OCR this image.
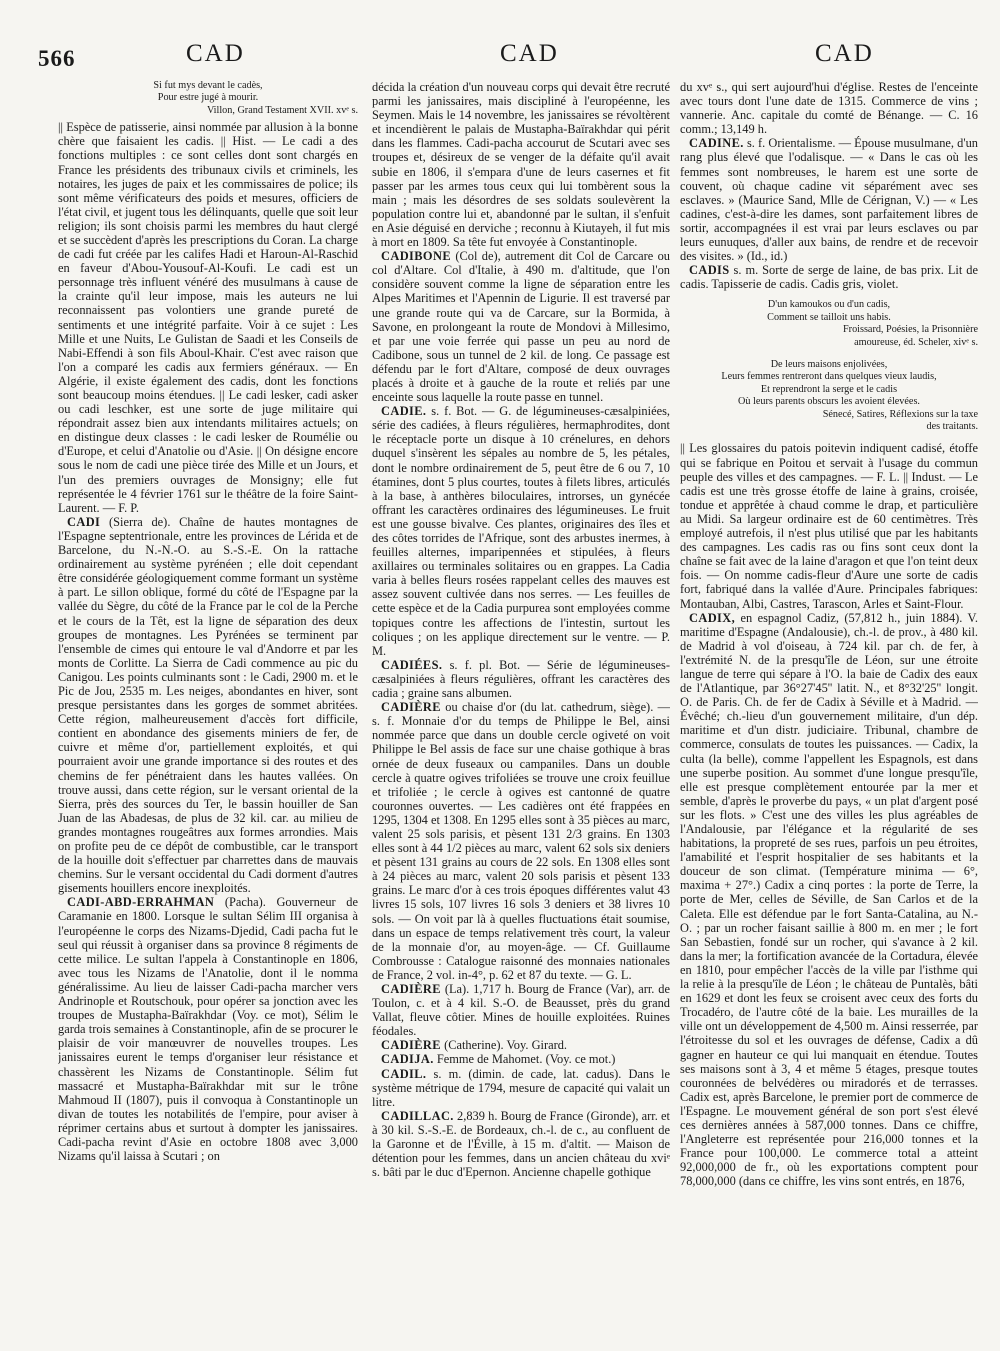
566	CAD	CAD	CAD
Si fut mys devant le cadès,
Pour estre jugé à mourir.
Villon, Grand Testament XVII. xvᵉ s.

|| Espèce de patisserie, ainsi nommée par allusion à la bonne chère que faisaient les cadis. || Hist. — Le cadi a des fonctions multiples : ce sont celles dont sont chargés en France les présidents des tribunaux civils et criminels, les notaires, les juges de paix et les commissaires de police; ils sont même vérificateurs des poids et mesures, officiers de l'état civil, et jugent tous les délinquants, quelle que soit leur religion; ils sont choisis parmi les membres du haut clergé et se succèdent d'après les prescriptions du Coran. La charge de cadi fut créée par les califes Hadi et Haroun-Al-Raschid en faveur d'Abou-Yousouf-Al-Koufi. Le cadi est un personnage très influent vénéré des musulmans à cause de la crainte qu'il leur impose, mais les auteurs ne lui reconnaissent pas volontiers une grande pureté de sentiments et une intégrité parfaite. Voir à ce sujet : Les Mille et une Nuits, Le Gulistan de Saadi et les Conseils de Nabi-Effendi à son fils Aboul-Khair. C'est avec raison que l'on a comparé les cadis aux fermiers généraux. — En Algérie, il existe également des cadis, dont les fonctions sont beaucoup moins étendues. || Le cadi lesker, cadi asker ou cadi leschker, est une sorte de juge militaire qui répondrait assez bien aux intendants militaires actuels; on en distingue deux classes : le cadi lesker de Roumélie ou d'Europe, et celui d'Anatolie ou d'Asie. || On désigne encore sous le nom de cadi une pièce tirée des Mille et un Jours, et l'un des premiers ouvrages de Monsigny; elle fut représentée le 4 février 1761 sur le théâtre de la foire Saint-Laurent. — F. P.

CADI (Sierra de). Chaîne de hautes montagnes de l'Espagne septentrionale, entre les provinces de Lérida et de Barcelone, du N.-N.-O. au S.-S.-E. On la rattache ordinairement au système pyrénéen ; elle doit cependant être considérée géologiquement comme formant un système à part. Le sillon oblique, formé du côté de l'Espagne par la vallée du Sègre, du côté de la France par le col de la Perche et le cours de la Têt, est la ligne de séparation des deux groupes de montagnes. Les Pyrénées se terminent par l'ensemble de cimes qui entoure le val d'Andorre et par les monts de Corlitte. La Sierra de Cadi commence au pic du Canigou. Les points culminants sont : le Cadi, 2900 m. et le Pic de Jou, 2535 m. Les neiges, abondantes en hiver, sont presque persistantes dans les gorges de sommet abritées. Cette région, malheureusement d'accès fort difficile, contient en abondance des gisements miniers de fer, de cuivre et même d'or, partiellement exploités, et qui pourraient avoir une grande importance si des routes et des chemins de fer pénétraient dans les hautes vallées. On trouve aussi, dans cette région, sur le versant oriental de la Sierra, près des sources du Ter, le bassin houiller de San Juan de las Abadesas, de plus de 32 kil. car. au milieu de grandes montagnes rougeâtres aux formes arrondies. Mais on profite peu de ce dépôt de combustible, car le transport de la houille doit s'effectuer par charrettes dans de mauvais chemins. Sur le versant occidental du Cadi dorment d'autres gisements houillers encore inexploités.

CADI-ABD-ERRAHMAN (Pacha). Gouverneur de Caramanie en 1800. Lorsque le sultan Sélim III organisa à l'européenne le corps des Nizams-Djedid, Cadi pacha fut le seul qui réussit à organiser dans sa province 8 régiments de cette milice. Le sultan l'appela à Constantinople en 1806, avec tous les Nizams de l'Anatolie, dont il le nomma généralissime. Au lieu de laisser Cadi-pacha marcher vers Andrinople et Routschouk, pour opérer sa jonction avec les troupes de Mustapha-Baïrakhdar (Voy. ce mot), Sélim le garda trois semaines à Constantinople, afin de se procurer le plaisir de voir manœuvrer de nouvelles troupes. Les janissaires eurent le temps d'organiser leur résistance et chassèrent les Nizams de Constantinople. Sélim fut massacré et Mustapha-Baïrakhdar mit sur le trône Mahmoud II (1807), puis il convoqua à Constantinople un divan de toutes les notabilités de l'empire, pour aviser à réprimer certains abus et surtout à dompter les janissaires. Cadi-pacha revint d'Asie en octobre 1808 avec 3,000 Nizams qu'il laissa à Scutari ; on

décida la création d'un nouveau corps qui devait être recruté parmi les janissaires, mais discipliné à l'européenne, les Seymen. Mais le 14 novembre, les janissaires se révoltèrent et incendièrent le palais de Mustapha-Baïrakhdar qui périt dans les flammes. Cadi-pacha accourut de Scutari avec ses troupes et, désireux de se venger de la défaite qu'il avait subie en 1806, il s'empara d'une de leurs casernes et fit passer par les armes tous ceux qui lui tombèrent sous la main ; mais les désordres de ses soldats soulevèrent la population contre lui et, abandonné par le sultan, il s'enfuit en Asie déguisé en derviche ; reconnu à Kiutayeh, il fut mis à mort en 1809. Sa tête fut envoyée à Constantinople.

CADIBONE (Col de), autrement dit Col de Carcare ou col d'Altare. Col d'Italie, à 490 m. d'altitude, que l'on considère souvent comme la ligne de séparation entre les Alpes Maritimes et l'Apennin de Ligurie. Il est traversé par une grande route qui va de Carcare, sur la Bormida, à Savone, en prolongeant la route de Mondovi à Millesimo, et par une voie ferrée qui passe un peu au nord de Cadibone, sous un tunnel de 2 kil. de long. Ce passage est défendu par le fort d'Altare, composé de deux ouvrages placés à droite et à gauche de la route et reliés par une enceinte sous laquelle la route passe en tunnel.

CADIE. s. f. Bot. — G. de légumineuses-cæsalpiniées, série des cadiées, à fleurs régulières, hermaphrodites, dont le réceptacle porte un disque à 10 crénelures, en dehors duquel s'insèrent les sépales au nombre de 5, les pétales, dont le nombre ordinairement de 5, peut être de 6 ou 7, 10 étamines, dont 5 plus courtes, toutes à filets libres, articulés à la base, à anthères biloculaires, introrses, un gynécée offrant les caractères ordinaires des légumineuses. Le fruit est une gousse bivalve. Ces plantes, originaires des îles et des côtes torrides de l'Afrique, sont des arbustes inermes, à feuilles alternes, imparipennées et stipulées, à fleurs axillaires ou terminales solitaires ou en grappes. La Cadia varia à belles fleurs rosées rappelant celles des mauves est assez souvent cultivée dans nos serres. — Les feuilles de cette espèce et de la Cadia purpurea sont employées comme topiques contre les affections de l'intestin, surtout les coliques ; on les applique directement sur le ventre. — P. M.

CADIÉES. s. f. pl. Bot. — Série de légumineuses-cæsalpiniées à fleurs régulières, offrant les caractères des cadia ; graine sans albumen.

CADIÈRE ou chaise d'or (du lat. cathedrum, siège). — s. f. Monnaie d'or du temps de Philippe le Bel, ainsi nommée parce que dans un double cercle ogiveté on voit Philippe le Bel assis de face sur une chaise gothique à bras ornée de deux fuseaux ou campaniles. Dans un double cercle à quatre ogives trifoliées se trouve une croix feuillue et trifoliée ; le cercle à ogives est cantonné de quatre couronnes ouvertes. — Les cadières ont été frappées en 1295, 1304 et 1308. En 1295 elles sont à 35 pièces au marc, valent 25 sols parisis, et pèsent 131 2/3 grains. En 1303 elles sont à 44 1/2 pièces au marc, valent 62 sols six deniers et pèsent 131 grains au cours de 22 sols. En 1308 elles sont à 24 pièces au marc, valent 20 sols parisis et pèsent 133 grains. Le marc d'or à ces trois époques différentes valut 43 livres 15 sols, 107 livres 16 sols 3 deniers et 38 livres 10 sols. — On voit par là à quelles fluctuations était soumise, dans un espace de temps relativement très court, la valeur de la monnaie d'or, au moyen-âge. — Cf. Guillaume Combrousse : Catalogue raisonné des monnaies nationales de France, 2 vol. in-4°, p. 62 et 87 du texte. — G. L.

CADIÈRE (La). 1,717 h. Bourg de France (Var), arr. de Toulon, c. et à 4 kil. S.-O. de Beausset, près du grand Vallat, fleuve côtier. Mines de houille exploitées. Ruines féodales.

CADIÈRE (Catherine). Voy. Girard.

CADIJA. Femme de Mahomet. (Voy. ce mot.)

CADIL. s. m. (dimin. de cade, lat. cadus). Dans le système métrique de 1794, mesure de capacité qui valait un litre.

CADILLAC. 2,839 h. Bourg de France (Gironde), arr. et à 30 kil. S.-S.-E. de Bordeaux, ch.-l. de c., au confluent de la Garonne et de l'Éville, à 15 m. d'altit. — Maison de détention pour les femmes, dans un ancien château du xviᵉ s. bâti par le duc d'Epernon. Ancienne chapelle gothique

du xvᵉ s., qui sert aujourd'hui d'église. Restes de l'enceinte avec tours dont l'une date de 1315. Commerce de vins ; vannerie. Anc. capitale du comté de Bénange. — C. 16 comm.; 13,149 h.

CADINE. s. f. Orientalisme. — Épouse musulmane, d'un rang plus élevé que l'odalisque. — « Dans le cas où les femmes sont nombreuses, le harem est une sorte de couvent, où chaque cadine vit séparément avec ses esclaves. » (Maurice Sand, Mlle de Cérignan, V.) — « Les cadines, c'est-à-dire les dames, sont parfaitement libres de sortir, accompagnées il est vrai par leurs esclaves ou par leurs eunuques, d'aller aux bains, de rendre et de recevoir des visites. » (Id., id.)

CADIS s. m. Sorte de serge de laine, de bas prix. Lit de cadis. Tapisserie de cadis. Cadis gris, violet.

D'un kamoukos ou d'un cadis,
Comment se tailloit uns habis.
Froissard, Poésies, la Prisonnière
amoureuse, éd. Scheler, xivᵉ s.
De leurs maisons enjolivées,
Leurs femmes rentreront dans quelques vieux laudis,
Et reprendront la serge et le cadis
Où leurs parents obscurs les avoient élevées.
Sénecé, Satires, Réflexions sur la taxe
des traitants.

|| Les glossaires du patois poitevin indiquent cadisé, étoffe qui se fabrique en Poitou et servait à l'usage du commun peuple des villes et des campagnes. — F. L. || Indust. — Le cadis est une très grosse étoffe de laine à grains, croisée, tondue et apprêtée à chaud comme le drap, et particulière au Midi. Sa largeur ordinaire est de 60 centimètres. Très employé autrefois, il n'est plus utilisé que par les habitants des campagnes. Les cadis ras ou fins sont ceux dont la chaîne se fait avec de la laine d'aragon et que l'on teint deux fois. — On nomme cadis-fleur d'Aure une sorte de cadis fort, fabriqué dans la vallée d'Aure. Principales fabriques: Montauban, Albi, Castres, Tarascon, Arles et Saint-Flour.

CADIX, en espagnol Cadiz, (57,812 h., juin 1884). V. maritime d'Espagne (Andalousie), ch.-l. de prov., à 480 kil. de Madrid à vol d'oiseau, à 724 kil. par ch. de fer, à l'extrémité N. de la presqu'île de Léon, sur une étroite langue de terre qui sépare à l'O. la baie de Cadix des eaux de l'Atlantique, par 36°27'45'' latit. N., et 8°32'25'' longit. O. de Paris. Ch. de fer de Cadix à Séville et à Madrid. — Évêché; ch.-lieu d'un gouvernement militaire, d'un dép. maritime et d'un distr. judiciaire. Tribunal, chambre de commerce, consulats de toutes les puissances. — Cadix, la culta (la belle), comme l'appellent les Espagnols, est dans une superbe position. Au sommet d'une longue presqu'île, elle est presque complètement entourée par la mer et semble, d'après le proverbe du pays, « un plat d'argent posé sur les flots. » C'est une des villes les plus agréables de l'Andalousie, par l'élégance et la régularité de ses habitations, la propreté de ses rues, parfois un peu étroites, l'amabilité et l'esprit hospitalier de ses habitants et la douceur de son climat. (Température minima — 6°, maxima + 27°.) Cadix a cinq portes : la porte de Terre, la porte de Mer, celles de Séville, de San Carlos et de la Caleta. Elle est défendue par le fort Santa-Catalina, au N.-O. ; par un rocher faisant saillie à 800 m. en mer ; le fort San Sebastien, fondé sur un rocher, qui s'avance à 2 kil. dans la mer; la fortification avancée de la Cortadura, élevée en 1810, pour empêcher l'accès de la ville par l'isthme qui la relie à la presqu'île de Léon ; le château de Puntalès, bâti en 1629 et dont les feux se croisent avec ceux des forts du Trocadéro, de l'autre côté de la baie. Les murailles de la ville ont un développement de 4,500 m. Ainsi resserrée, par l'étroitesse du sol et les ouvrages de défense, Cadix a dû gagner en hauteur ce qui lui manquait en étendue. Toutes ses maisons sont à 3, 4 et même 5 étages, presque toutes couronnées de belvédères ou miradorés et de terrasses. Cadix est, après Barcelone, le premier port de commerce de l'Espagne. Le mouvement général de son port s'est élevé ces dernières années à 587,000 tonnes. Dans ce chiffre, l'Angleterre est représentée pour 216,000 tonnes et la France pour 100,000. Le commerce total a atteint 92,000,000 de fr., où les exportations comptent pour 78,000,000 (dans ce chiffre, les vins sont entrés, en 1876,
